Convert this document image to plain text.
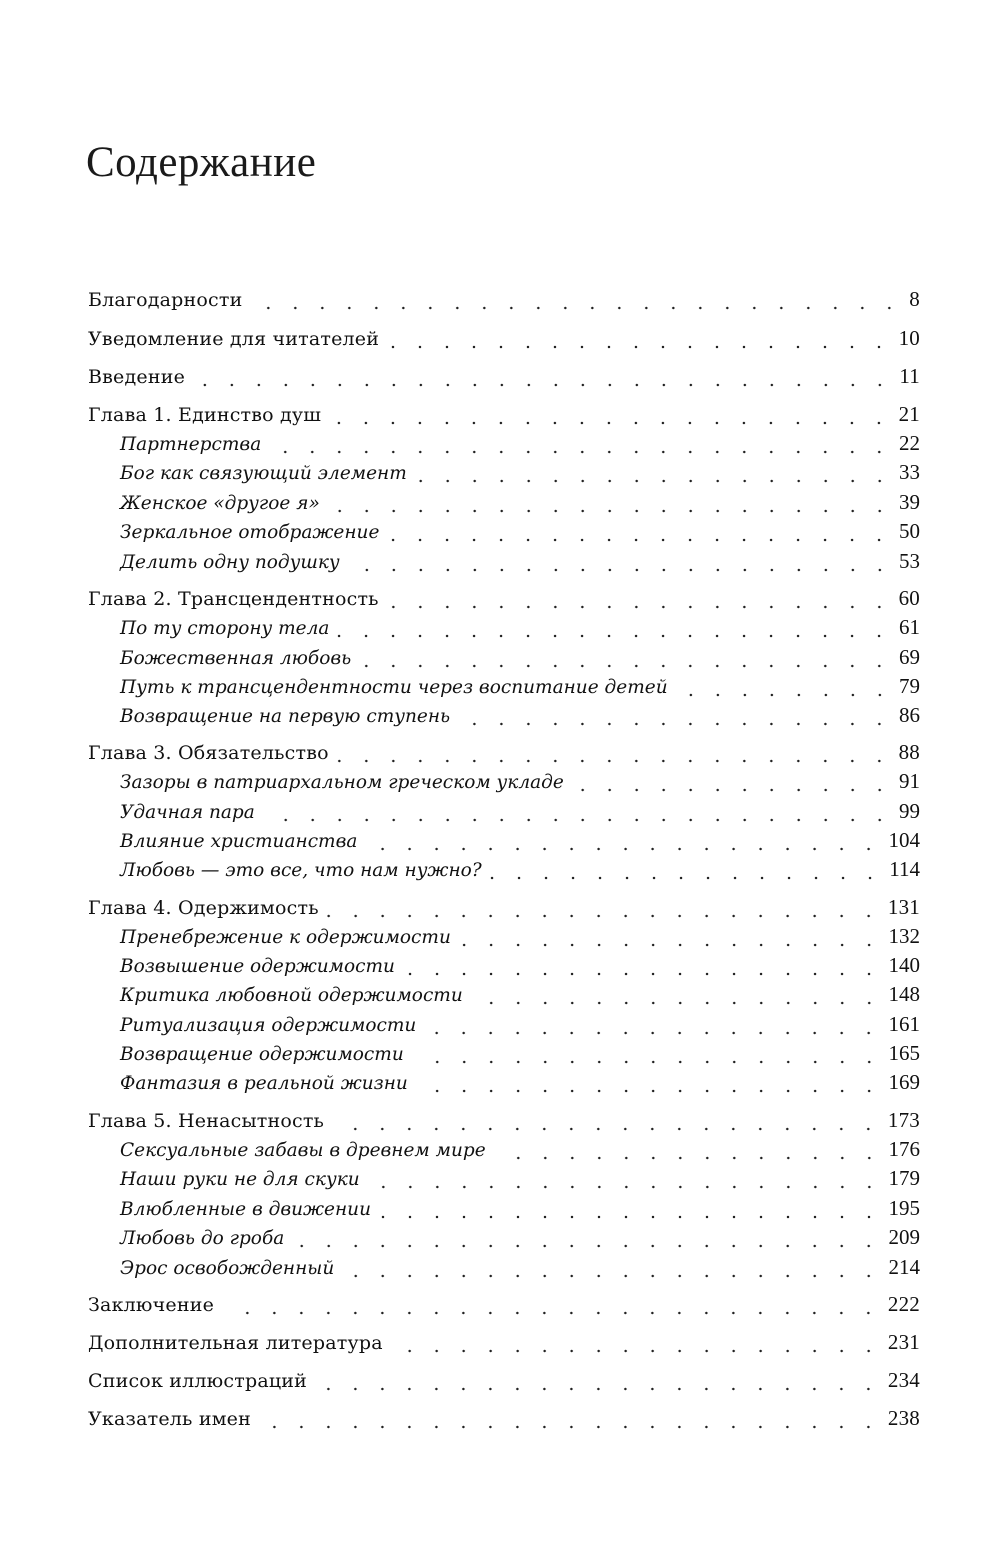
Содержание
Благодарности	8
Уведомление для читателей	10
Введение	11
Глава 1. Единство душ	21
Партнерства	22
Бог как связующий элемент	33
Женское «другое я»	39
Зеркальное отображение	50
Делить одну подушку	53
Глава 2. Трансцендентность	60
По ту сторону тела	61
Божественная любовь	69
Путь к трансцендентности через воспитание детей	79
Возвращение на первую ступень	86
Глава 3. Обязательство	88
Зазоры в патриархальном греческом укладе	91
Удачная пара	99
Влияние христианства	104
Любовь — это все, что нам нужно?	114
Глава 4. Одержимость	131
Пренебрежение к одержимости	132
Возвышение одержимости	140
Критика любовной одержимости	148
Ритуализация одержимости	161
Возвращение одержимости	165
Фантазия в реальной жизни	169
Глава 5. Ненасытность	173
Сексуальные забавы в древнем мире	176
Наши руки не для скуки	179
Влюбленные в движении	195
Любовь до гроба	209
Эрос освобожденный	214
Заключение	222
Дополнительная литература	231
Список иллюстраций	234
Указатель имен	238
